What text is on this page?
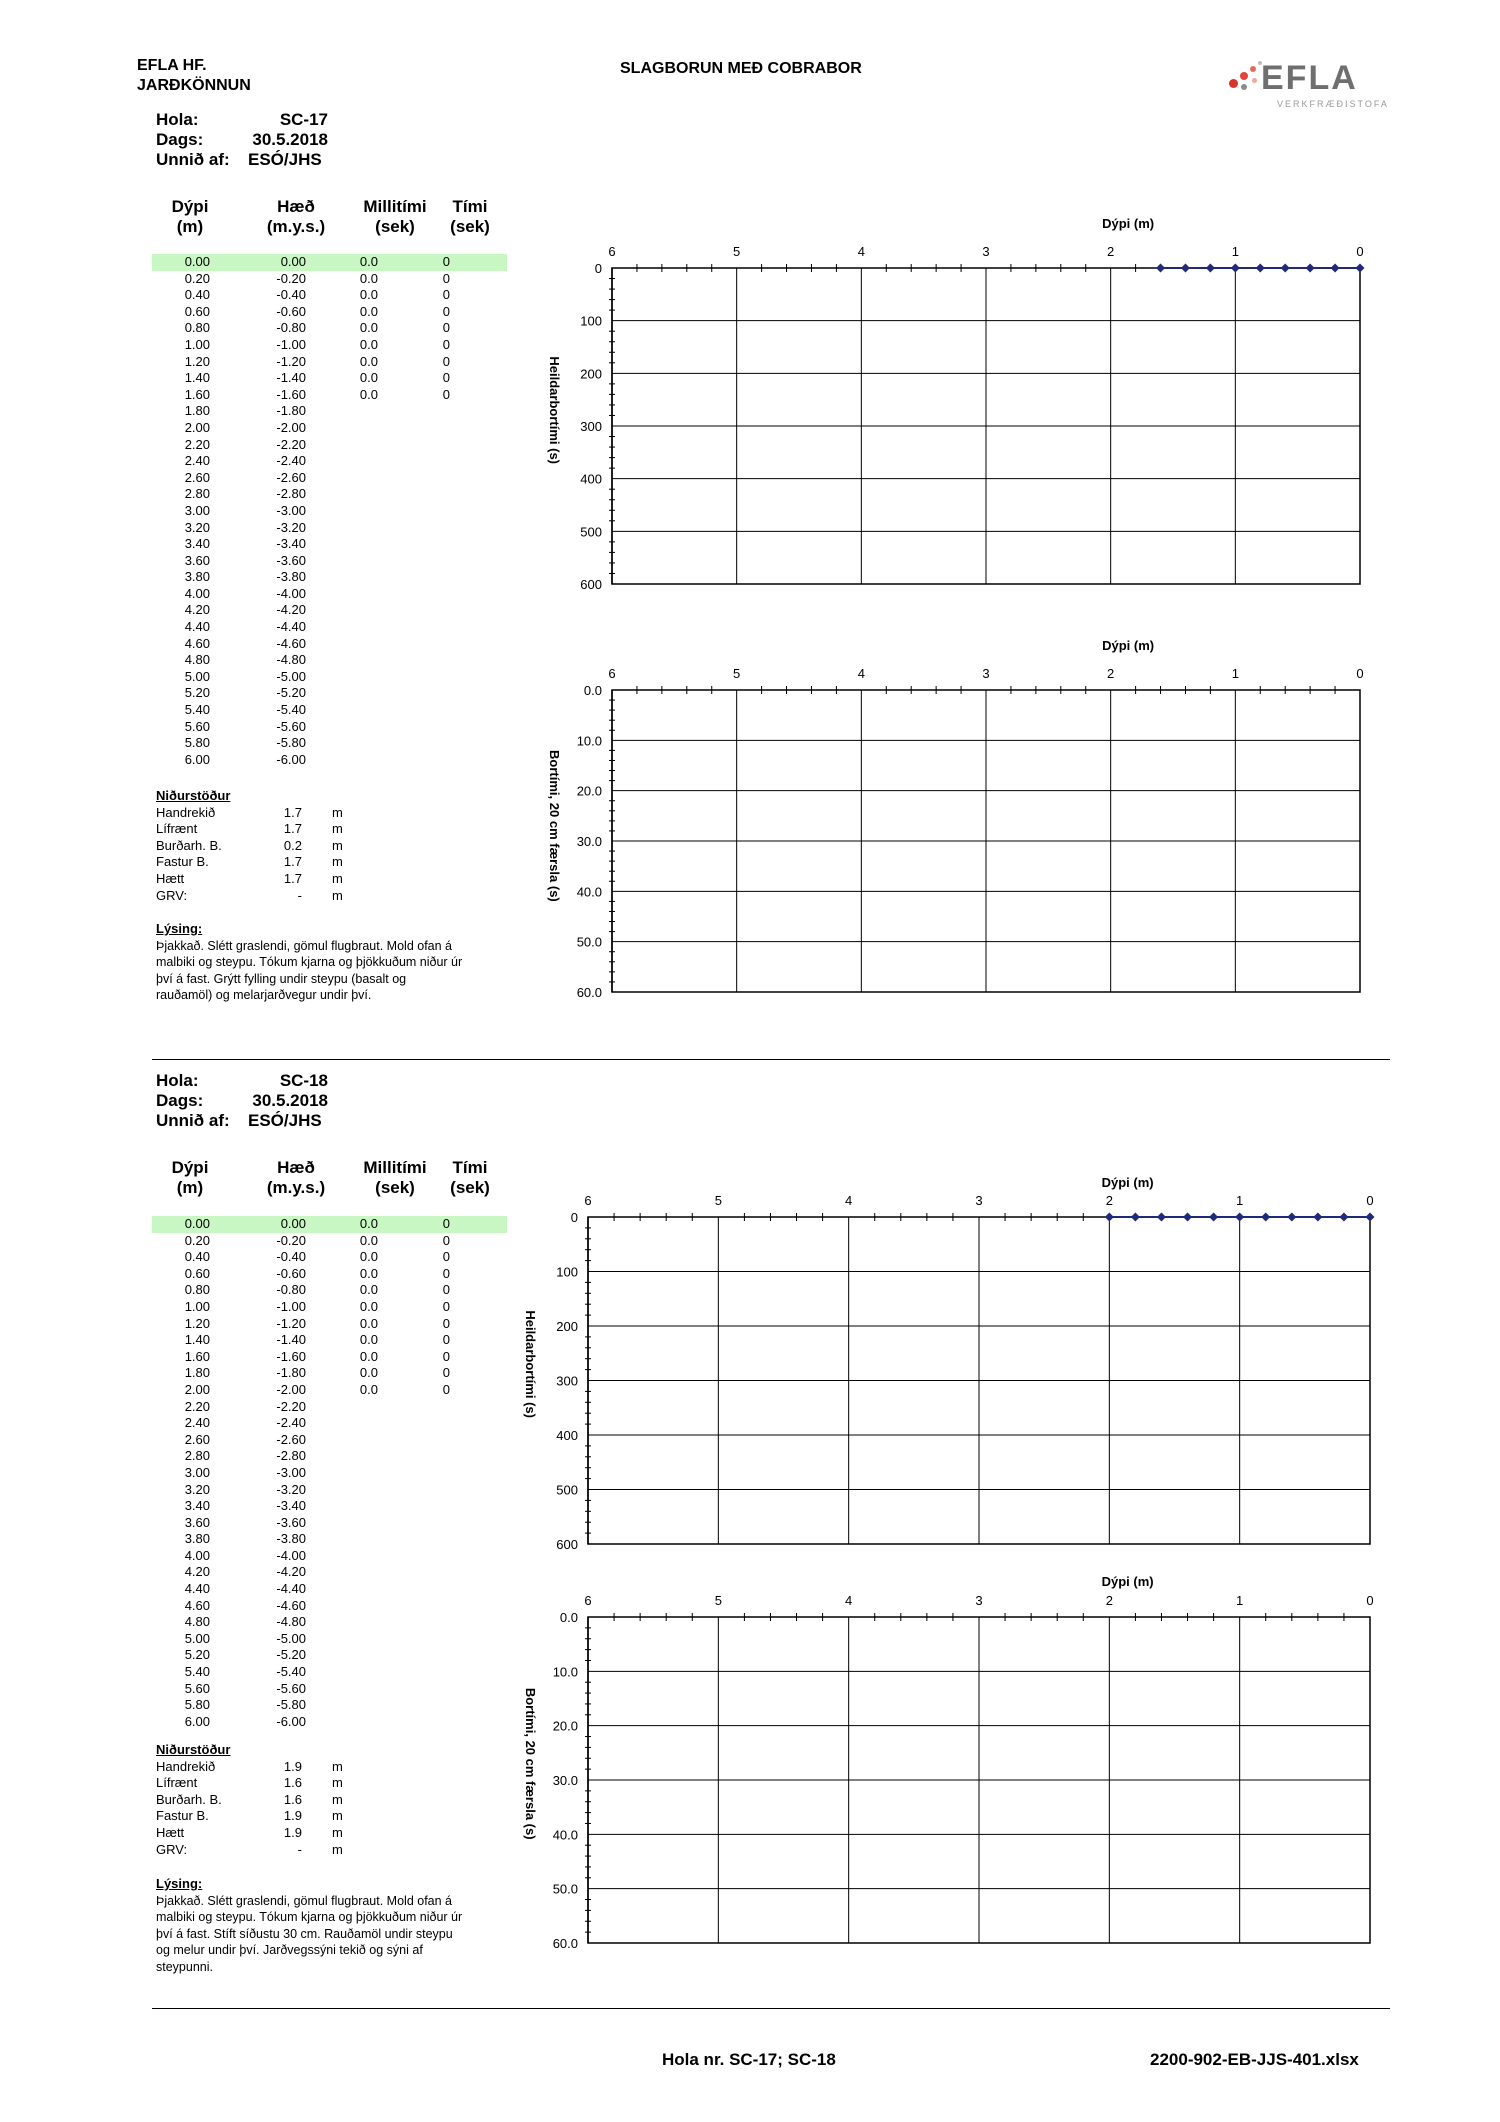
EFLA HF.
JARÐKÖNNUN
SLAGBORUN MEÐ COBRABOR	EFLA
VERKFRÆÐISTOFA
Hola:	SC-17
Dags:	30.5.2018
Unnið af:	ESÓ/JHS
Dýpi
(m)
Hæð
(m.y.s.)
Millitími
(sek)
Tími
(sek)
0.00	0.00	0.0	0
0.20	-0.20	0.0	0
0.40	-0.40	0.0	0
0.60	-0.60	0.0	0
0.80	-0.80	0.0	0
1.00	-1.00	0.0	0
1.20	-1.20	0.0	0
1.40	-1.40	0.0	0
1.60	-1.60	0.0	0
1.80	-1.80
2.00	-2.00
2.20	-2.20
2.40	-2.40
2.60	-2.60
2.80	-2.80
3.00	-3.00
3.20	-3.20
3.40	-3.40
3.60	-3.60
3.80	-3.80
4.00	-4.00
4.20	-4.20
4.40	-4.40
4.60	-4.60
4.80	-4.80
5.00	-5.00
5.20	-5.20
5.40	-5.40
5.60	-5.60
5.80	-5.80
6.00	-6.00
Niðurstöður
Handrekið	1.7 m
Lífrænt	1.7 m
Burðarh. B.	0.2 m
Fastur B.	1.7 m
Hætt	1.7 m
GRV:	- m
Lýsing:
Þjakkað. Slétt graslendi, gömul flugbraut. Mold ofan á
malbiki og steypu. Tókum kjarna og þjökkuðum niður úr
því á fast. Grýtt fylling undir steypu (basalt og
rauðamöl) og melarjarðvegur undir því.
Hola:	SC-18
Dags:	30.5.2018
Unnið af:	ESÓ/JHS
Dýpi
(m)
Hæð
(m.y.s.)
Millitími
(sek)
Tími
(sek)
0.00	0.00	0.0	0
0.20	-0.20	0.0	0
0.40	-0.40	0.0	0
0.60	-0.60	0.0	0
0.80	-0.80	0.0	0
1.00	-1.00	0.0	0
1.20	-1.20	0.0	0
1.40	-1.40	0.0	0
1.60	-1.60	0.0	0
1.80	-1.80	0.0	0
2.00	-2.00	0.0	0
2.20	-2.20
2.40	-2.40
2.60	-2.60
2.80	-2.80
3.00	-3.00
3.20	-3.20
3.40	-3.40
3.60	-3.60
3.80	-3.80
4.00	-4.00
4.20	-4.20
4.40	-4.40
4.60	-4.60
4.80	-4.80
5.00	-5.00
5.20	-5.20
5.40	-5.40
5.60	-5.60
5.80	-5.80
6.00	-6.00
Niðurstöður
Handrekið	1.9 m
Lífrænt	1.6 m
Burðarh. B.	1.6 m
Fastur B.	1.9 m
Hætt	1.9 m
GRV:	- m
Lýsing:
Þjakkað. Slétt graslendi, gömul flugbraut. Mold ofan á
malbiki og steypu. Tókum kjarna og þjökkuðum niður úr
því á fast. Stíft síðustu 30 cm. Rauðamöl undir steypu
og melur undir því. Jarðvegssýni tekið og sýni af
steypunni.
Dýpi (m)
6	5	4	3	2	1	0
0
100
200
300
400
500
600
Heildarbortími (s)
Dýpi (m)
6	5	4	3	2	1	0
0.0
10.0
20.0
30.0
40.0
50.0
60.0
Bortími, 20 cm færsla (s)
Dýpi (m)
6	5	4	3	2	1	0
0
100
200
300
400
500
600
Heildarbortími (s)
Dýpi (m)
6	5	4	3	2	1	0
0.0
10.0
20.0
30.0
40.0
50.0
60.0
Bortími, 20 cm færsla (s)
Hola nr. SC-17; SC-18	2200-902-EB-JJS-401.xlsx
